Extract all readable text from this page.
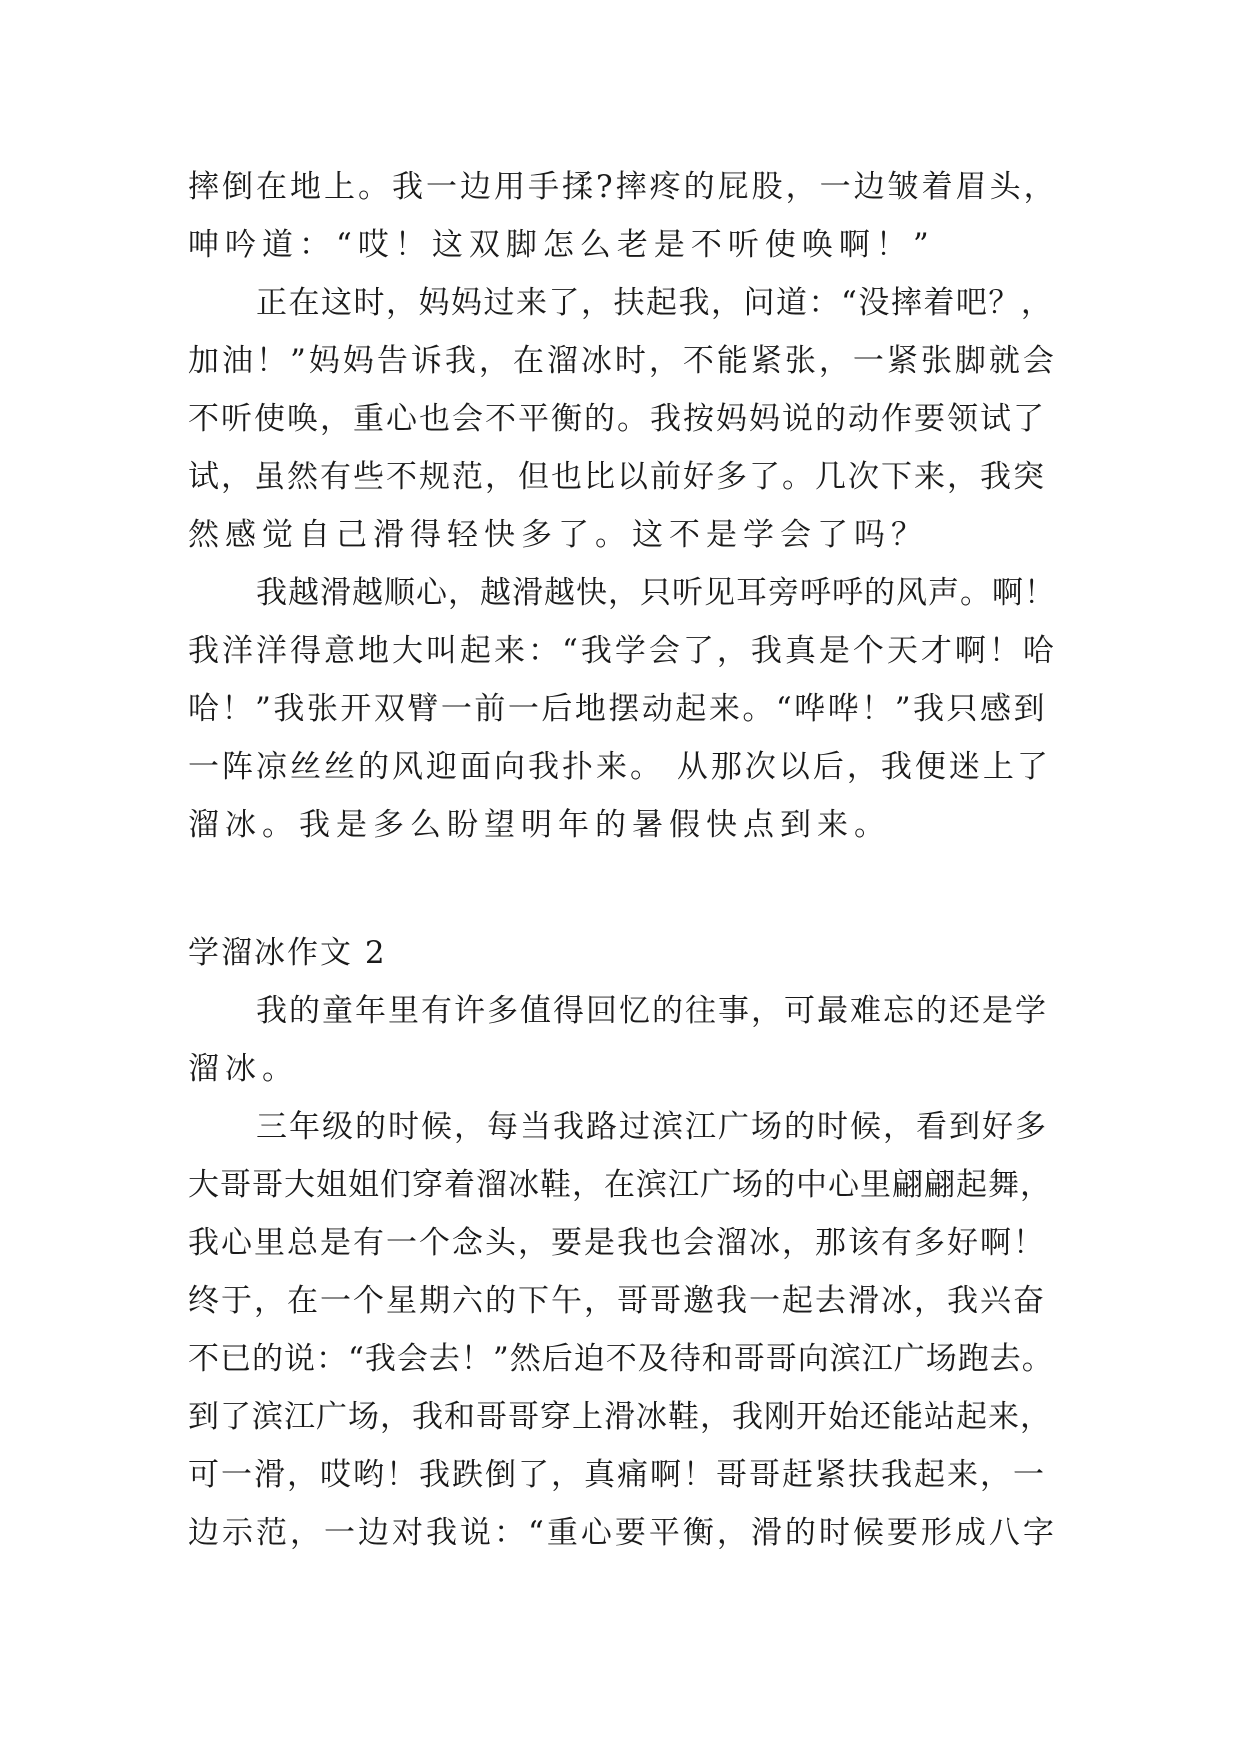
摔倒在地上。我一边用手揉?摔疼的屁股，一边皱着眉头，
呻吟道：“哎！这双脚怎么老是不听使唤啊！”
正在这时，妈妈过来了，扶起我，问道：“没摔着吧？，
加油！”妈妈告诉我，在溜冰时，不能紧张，一紧张脚就会
不听使唤，重心也会不平衡的。我按妈妈说的动作要领试了
试，虽然有些不规范，但也比以前好多了。几次下来，我突
然感觉自己滑得轻快多了。这不是学会了吗？
我越滑越顺心，越滑越快，只听见耳旁呼呼的风声。啊！
我洋洋得意地大叫起来：“我学会了，我真是个天才啊！哈
哈！”我张开双臂一前一后地摆动起来。“哗哗！”我只感到
一阵凉丝丝的风迎面向我扑来。 从那次以后，我便迷上了
溜冰。我是多么盼望明年的暑假快点到来。
学溜冰作文 2
我的童年里有许多值得回忆的往事，可最难忘的还是学
溜冰。
三年级的时候，每当我路过滨江广场的时候，看到好多
大哥哥大姐姐们穿着溜冰鞋，在滨江广场的中心里翩翩起舞，
我心里总是有一个念头，要是我也会溜冰，那该有多好啊！
终于，在一个星期六的下午，哥哥邀我一起去滑冰，我兴奋
不已的说：“我会去！”然后迫不及待和哥哥向滨江广场跑去。
到了滨江广场，我和哥哥穿上滑冰鞋，我刚开始还能站起来，
可一滑，哎哟！我跌倒了，真痛啊！哥哥赶紧扶我起来，一
边示范，一边对我说：“重心要平衡，滑的时候要形成八字
